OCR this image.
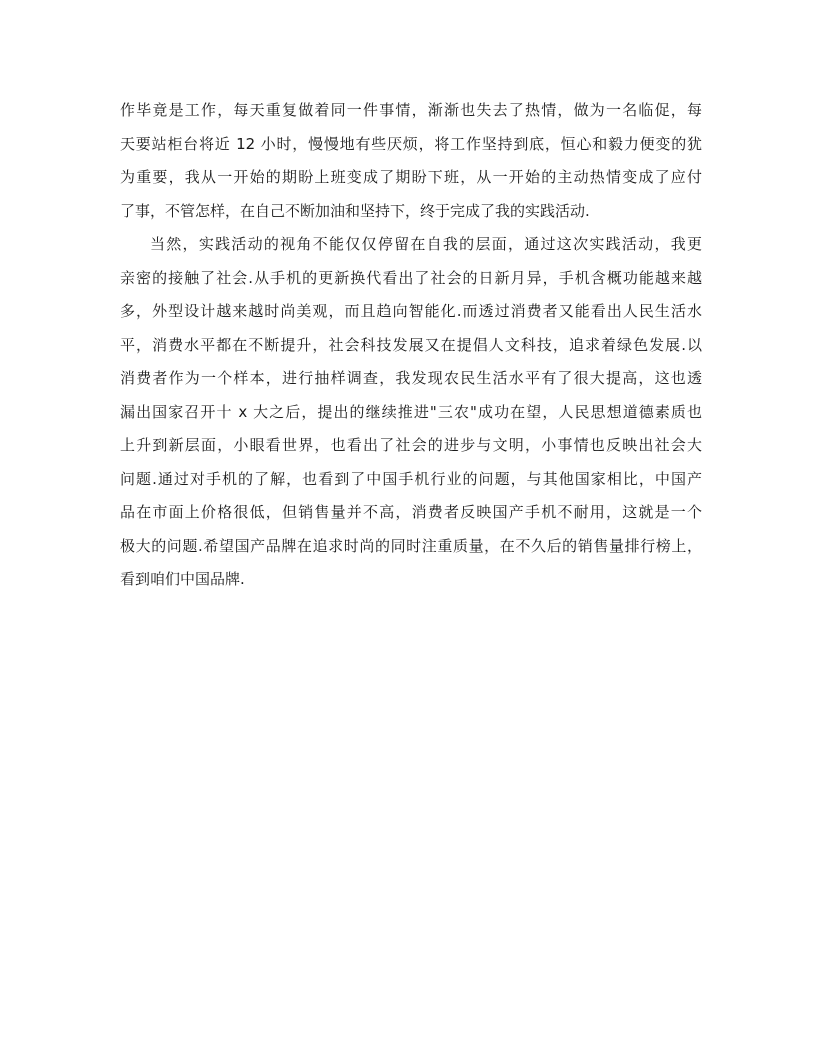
作毕竟是工作，每天重复做着同一件事情，渐渐也失去了热情，做为一名临促，每
天要站柜台将近 12 小时，慢慢地有些厌烦，将工作坚持到底，恒心和毅力便变的犹
为重要，我从一开始的期盼上班变成了期盼下班，从一开始的主动热情变成了应付
了事，不管怎样，在自己不断加油和坚持下，终于完成了我的实践活动.
当然，实践活动的视角不能仅仅停留在自我的层面，通过这次实践活动，我更
亲密的接触了社会.从手机的更新换代看出了社会的日新月异，手机含概功能越来越
多，外型设计越来越时尚美观，而且趋向智能化.而透过消费者又能看出人民生活水
平，消费水平都在不断提升，社会科技发展又在提倡人文科技，追求着绿色发展.以
消费者作为一个样本，进行抽样调查，我发现农民生活水平有了很大提高，这也透
漏出国家召开十 x 大之后，提出的继续推进"三农"成功在望，人民思想道德素质也
上升到新层面，小眼看世界，也看出了社会的进步与文明，小事情也反映出社会大
问题.通过对手机的了解，也看到了中国手机行业的问题，与其他国家相比，中国产
品在市面上价格很低，但销售量并不高，消费者反映国产手机不耐用，这就是一个
极大的问题.希望国产品牌在追求时尚的同时注重质量，在不久后的销售量排行榜上，
看到咱们中国品牌.
